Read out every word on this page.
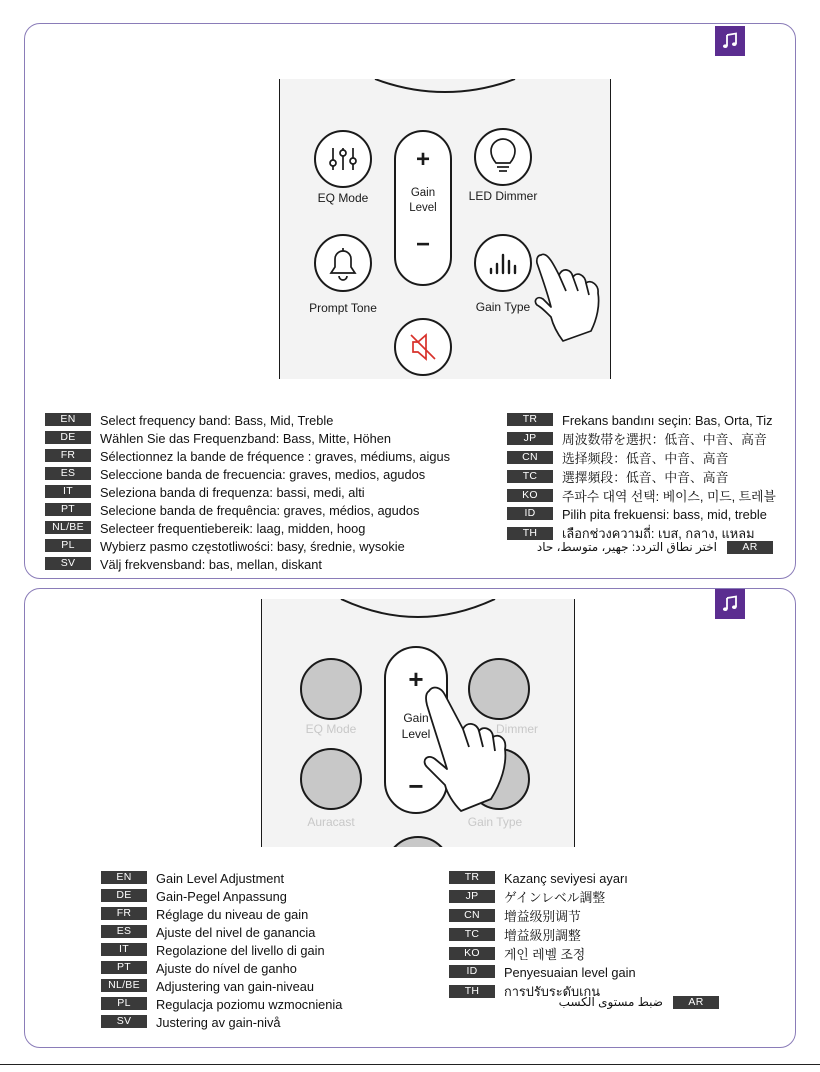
EQ Mode
+
Gain
Level
−
LED Dimmer
Prompt Tone	Gain Type
EN	Select frequency band: Bass, Mid, Treble
DE	Wählen Sie das Frequenzband: Bass, Mitte, Höhen
FR	Sélectionnez la bande de fréquence : graves, médiums, aigus
ES	Seleccione banda de frecuencia: graves, medios, agudos
IT	Seleziona banda di frequenza: bassi, medi, alti
PT	Selecione banda de frequência: graves, médios, agudos
NL/BE	Selecteer frequentiebereik: laag, midden, hoog
PL	Wybierz pasmo częstotliwości: basy, średnie, wysokie
SV	Välj frekvensband: bas, mellan, diskant
TR	Frekans bandını seçin: Bas, Orta, Tiz
JP	周波数帯を選択：低音、中音、高音
CN	选择频段：低音、中音、高音
TC	選擇頻段：低音、中音、高音
KO	주파수 대역 선택: 베이스, 미드, 트레블
ID	Pilih pita frekuensi: bass, mid, treble
TH	เลือกช่วงความถี่: เบส, กลาง, แหลม
اختر نطاق التردد: جهير، متوسط، حاد AR
EQ Mode	Dimmer
Auracast	Gain Type
+
Gain
Level
−
EN	Gain Level Adjustment
DE	Gain-Pegel Anpassung
FR	Réglage du niveau de gain
ES	Ajuste del nivel de ganancia
IT	Regolazione del livello di gain
PT	Ajuste do nível de ganho
NL/BE	Adjustering van gain-niveau
PL	Regulacja poziomu wzmocnienia
SV	Justering av gain-nivå
TR	Kazanç seviyesi ayarı
JP	ゲインレベル調整
CN	增益级别调节
TC	增益級別調整
KO	게인 레벨 조정
ID	Penyesuaian level gain
TH	การปรับระดับเกน
ضبط مستوى الكسب AR
